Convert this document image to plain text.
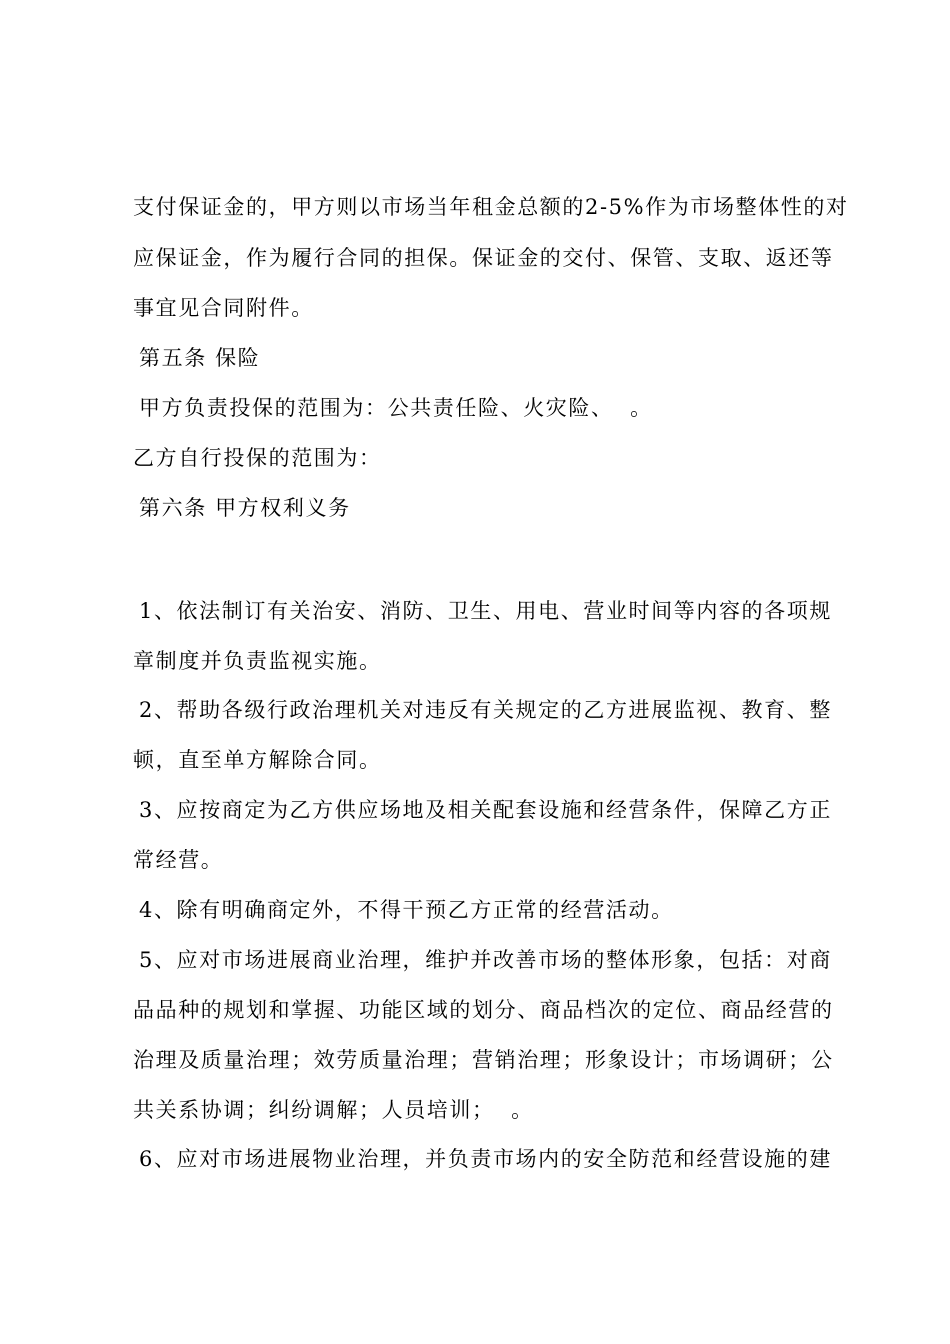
支付保证金的，甲方则以市场当年租金总额的2-5%作为市场整体性的对
应保证金，作为履行合同的担保。保证金的交付、保管、支取、返还等
事宜见合同附件。
第五条 保险
甲方负责投保的范围为：公共责任险、火灾险、  。
乙方自行投保的范围为：
第六条 甲方权利义务
1、依法制订有关治安、消防、卫生、用电、营业时间等内容的各项规
章制度并负责监视实施。
2、帮助各级行政治理机关对违反有关规定的乙方进展监视、教育、整
顿，直至单方解除合同。
3、应按商定为乙方供应场地及相关配套设施和经营条件，保障乙方正
常经营。
4、除有明确商定外，不得干预乙方正常的经营活动。
5、应对市场进展商业治理，维护并改善市场的整体形象，包括：对商
品品种的规划和掌握、功能区域的划分、商品档次的定位、商品经营的
治理及质量治理；效劳质量治理；营销治理；形象设计；市场调研；公
共关系协调；纠纷调解；人员培训；  。
6、应对市场进展物业治理，并负责市场内的安全防范和经营设施的建
